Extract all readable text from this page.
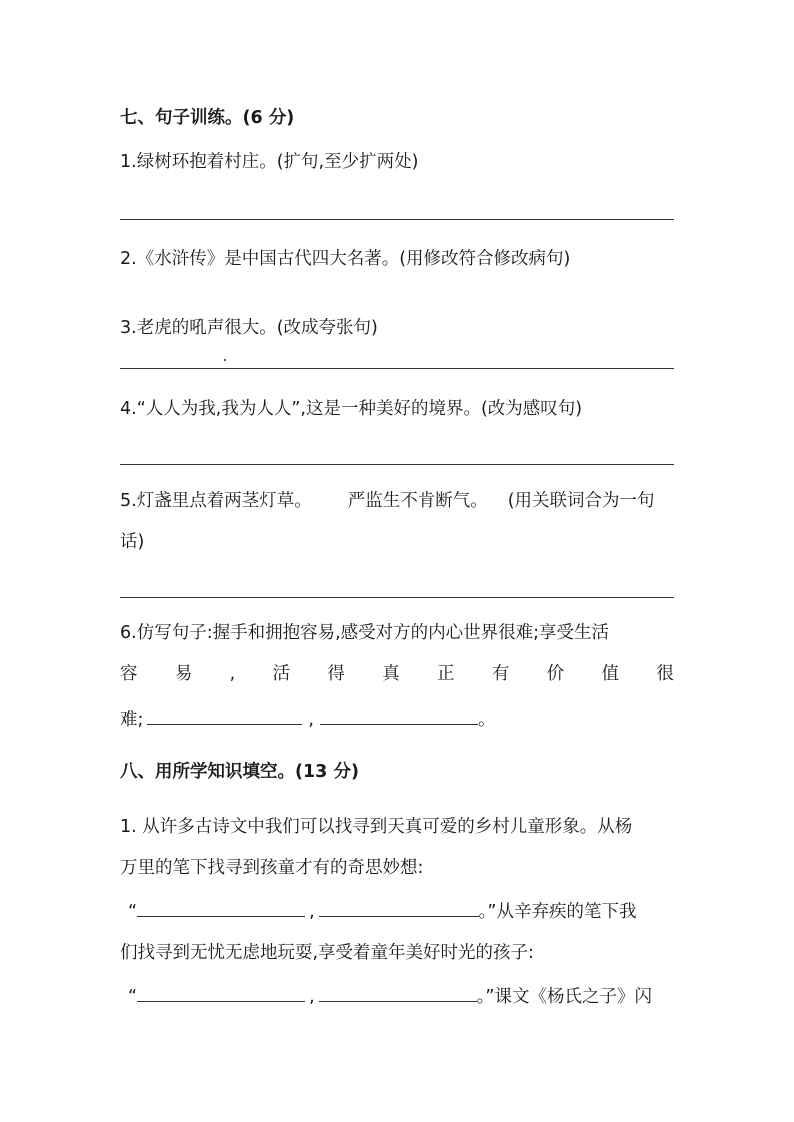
七、句子训练。(6 分)
1.绿树环抱着村庄。(扩句,至少扩两处)
2.《水浒传》是中国古代四大名著。(用修改符合修改病句)
3.老虎的吼声很大。(改成夸张句)
4.“人人为我,我为人人”,这是一种美好的境界。(改为感叹句)
5.灯盏里点着两茎灯草。 严监生不肯断气。 (用关联词合为一句
话)
6.仿写句子:握手和拥抱容易,感受对方的内心世界很难;享受生活
容 易 , 活 得 真 正 有 价 值 很
难;	,	。
八、用所学知识填空。(13 分)
1. 从许多古诗文中我们可以找寻到天真可爱的乡村儿童形象。从杨
万里的笔下找寻到孩童才有的奇思妙想:
“	,	。”从辛弃疾的笔下我
们找寻到无忧无虑地玩耍,享受着童年美好时光的孩子:
“	,	。”课文《杨氏之子》闪
